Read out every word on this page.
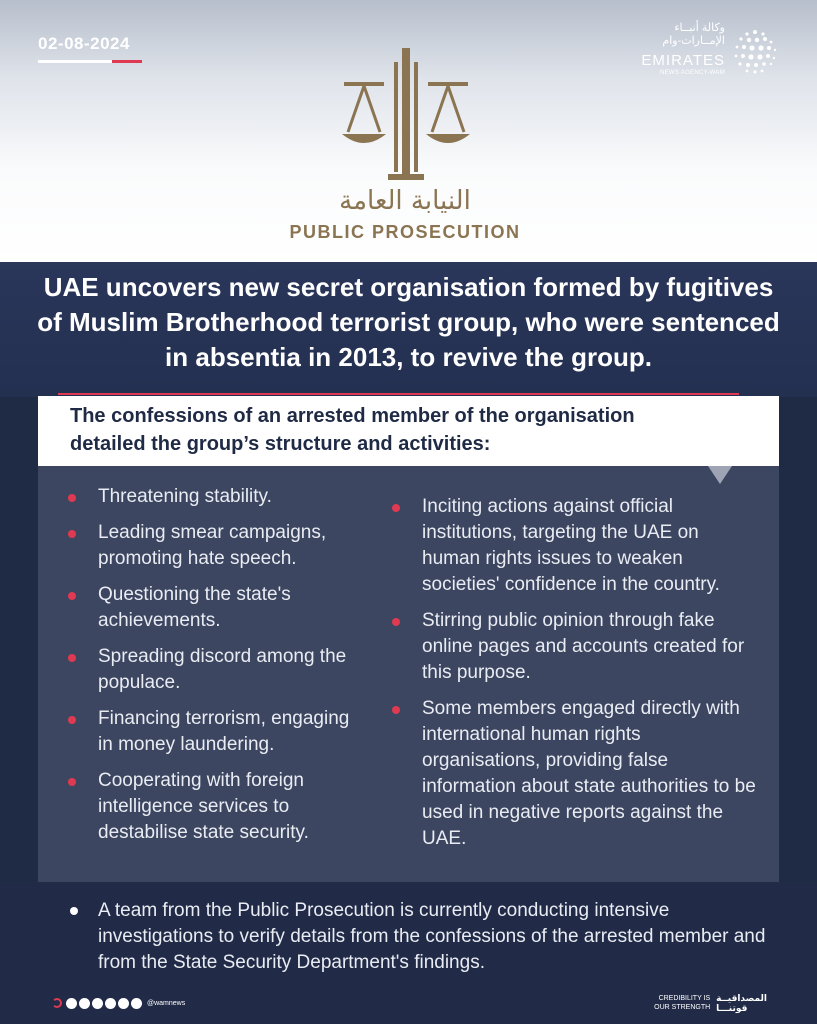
02-08-2024
وكالة أنبــاء
الإمــارات-وام
EMIRATES
NEWS AGENCY-WAM
النيابة العامة
PUBLIC PROSECUTION
UAE uncovers new secret organisation formed by fugitives of Muslim Brotherhood terrorist group, who were sentenced in absentia in 2013, to revive the group.
The confessions of an arrested member of the organisation
detailed the group’s structure and activities:
Threatening stability.
Leading smear campaigns, promoting hate speech.
Questioning the state's achievements.
Spreading discord among the populace.
Financing terrorism, engaging in money laundering.
Cooperating with foreign intelligence services to destabilise state security.
Inciting actions against official institutions, targeting the UAE on human rights issues to weaken societies' confidence in the country.
Stirring public opinion through fake online pages and accounts created for this purpose.
Some members engaged directly with international human rights organisations, providing false information about state authorities to be used in negative reports against the UAE.
A team from the Public Prosecution is currently conducting intensive investigations to verify details from the confessions of the arrested member and from the State Security Department's findings.
@wamnews
CREDIBILITY IS
OUR STRENGTH
المصداقيــة
قوتنـــا
